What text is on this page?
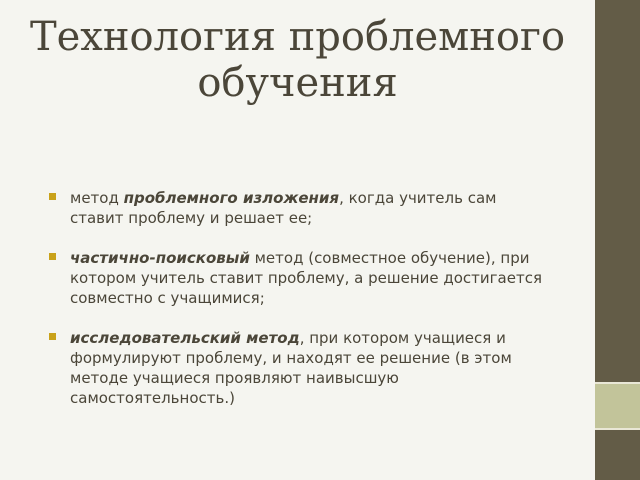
Технология проблемного
обучения
метод проблемного изложения, когда учитель сам ставит проблему и решает ее;
частично-поисковый метод (совместное обучение), при котором учитель ставит проблему, а решение достигается совместно с учащимися;
исследовательский метод, при котором учащиеся и формулируют проблему, и находят ее решение (в этом методе учащиеся проявляют наивысшую самостоятельность.)
